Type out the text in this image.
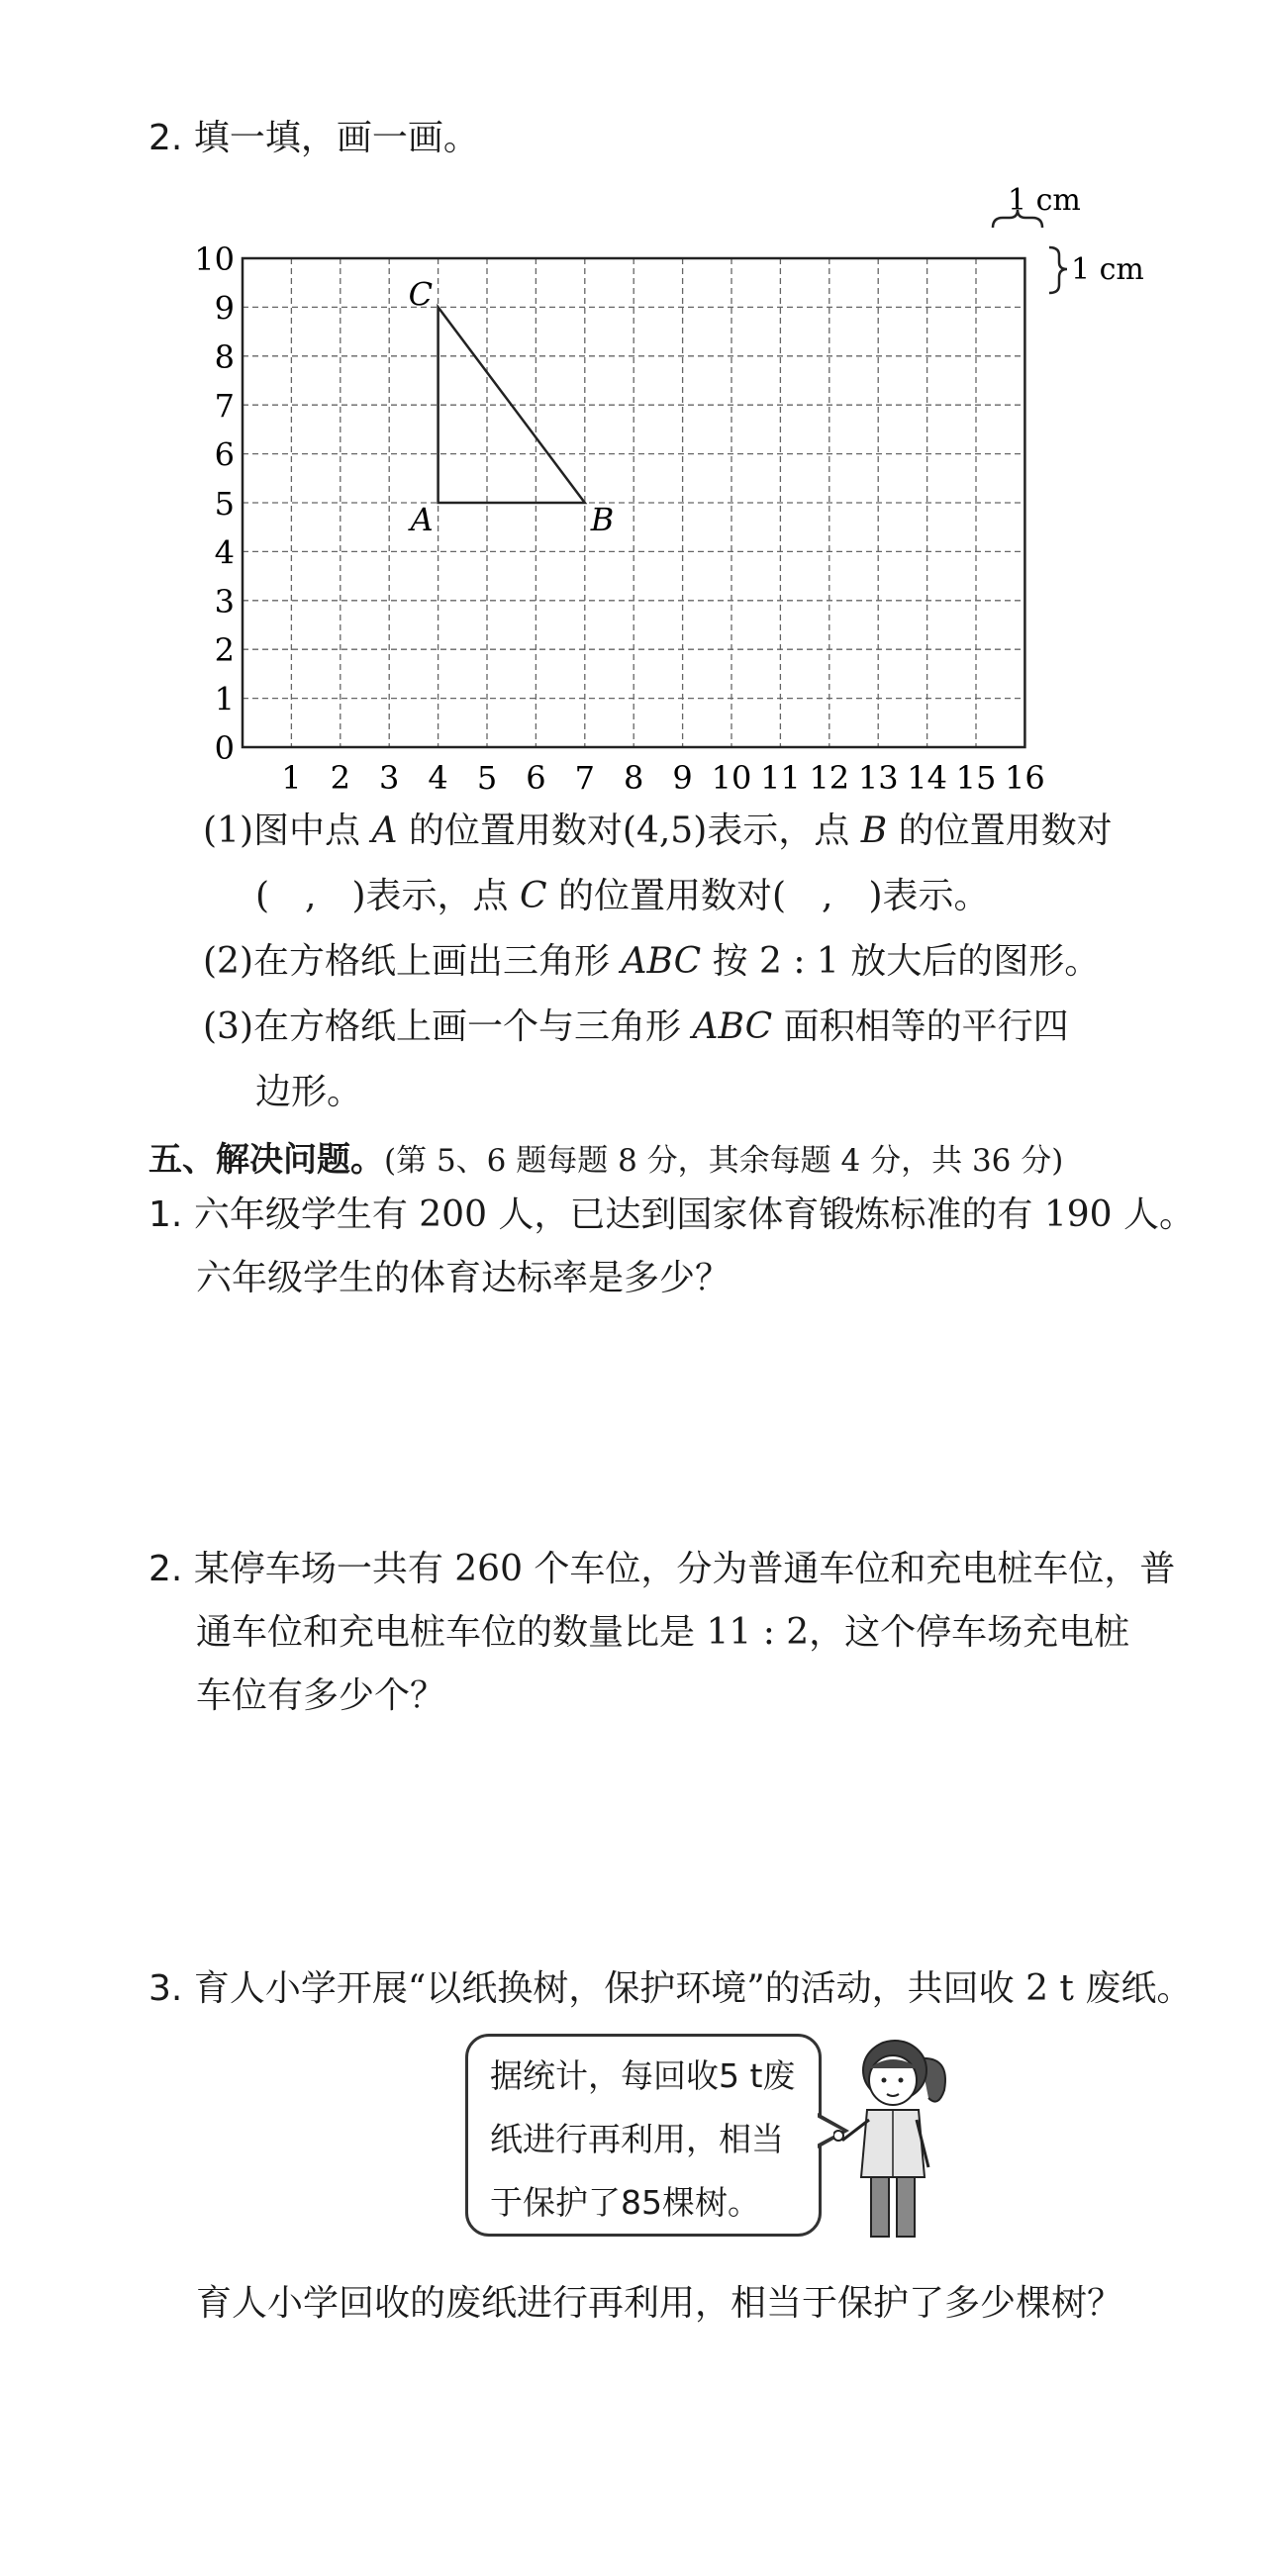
2. 填一填，画一画。
1 2 3 4 5 6 7 8 9 10 11 12 13 14 15 16
0
1
2
3
4
5
6
7
8
9
10
A	B
C
1 cm
1 cm
(1)图中点 A 的位置用数对(4,5)表示，点 B 的位置用数对
(　,　)表示，点 C 的位置用数对(　,　)表示。
(2)在方格纸上画出三角形 ABC 按 2 : 1 放大后的图形。
(3)在方格纸上画一个与三角形 ABC 面积相等的平行四
边形。
五、解决问题。(第 5、6 题每题 8 分，其余每题 4 分，共 36 分)
1. 六年级学生有 200 人，已达到国家体育锻炼标准的有 190 人。
六年级学生的体育达标率是多少？
2. 某停车场一共有 260 个车位，分为普通车位和充电桩车位，普
通车位和充电桩车位的数量比是 11 : 2，这个停车场充电桩
车位有多少个？
3. 育人小学开展“以纸换树，保护环境”的活动，共回收 2 t 废纸。
据统计，每回收5 t废
纸进行再利用，相当
于保护了85棵树。
育人小学回收的废纸进行再利用，相当于保护了多少棵树？
